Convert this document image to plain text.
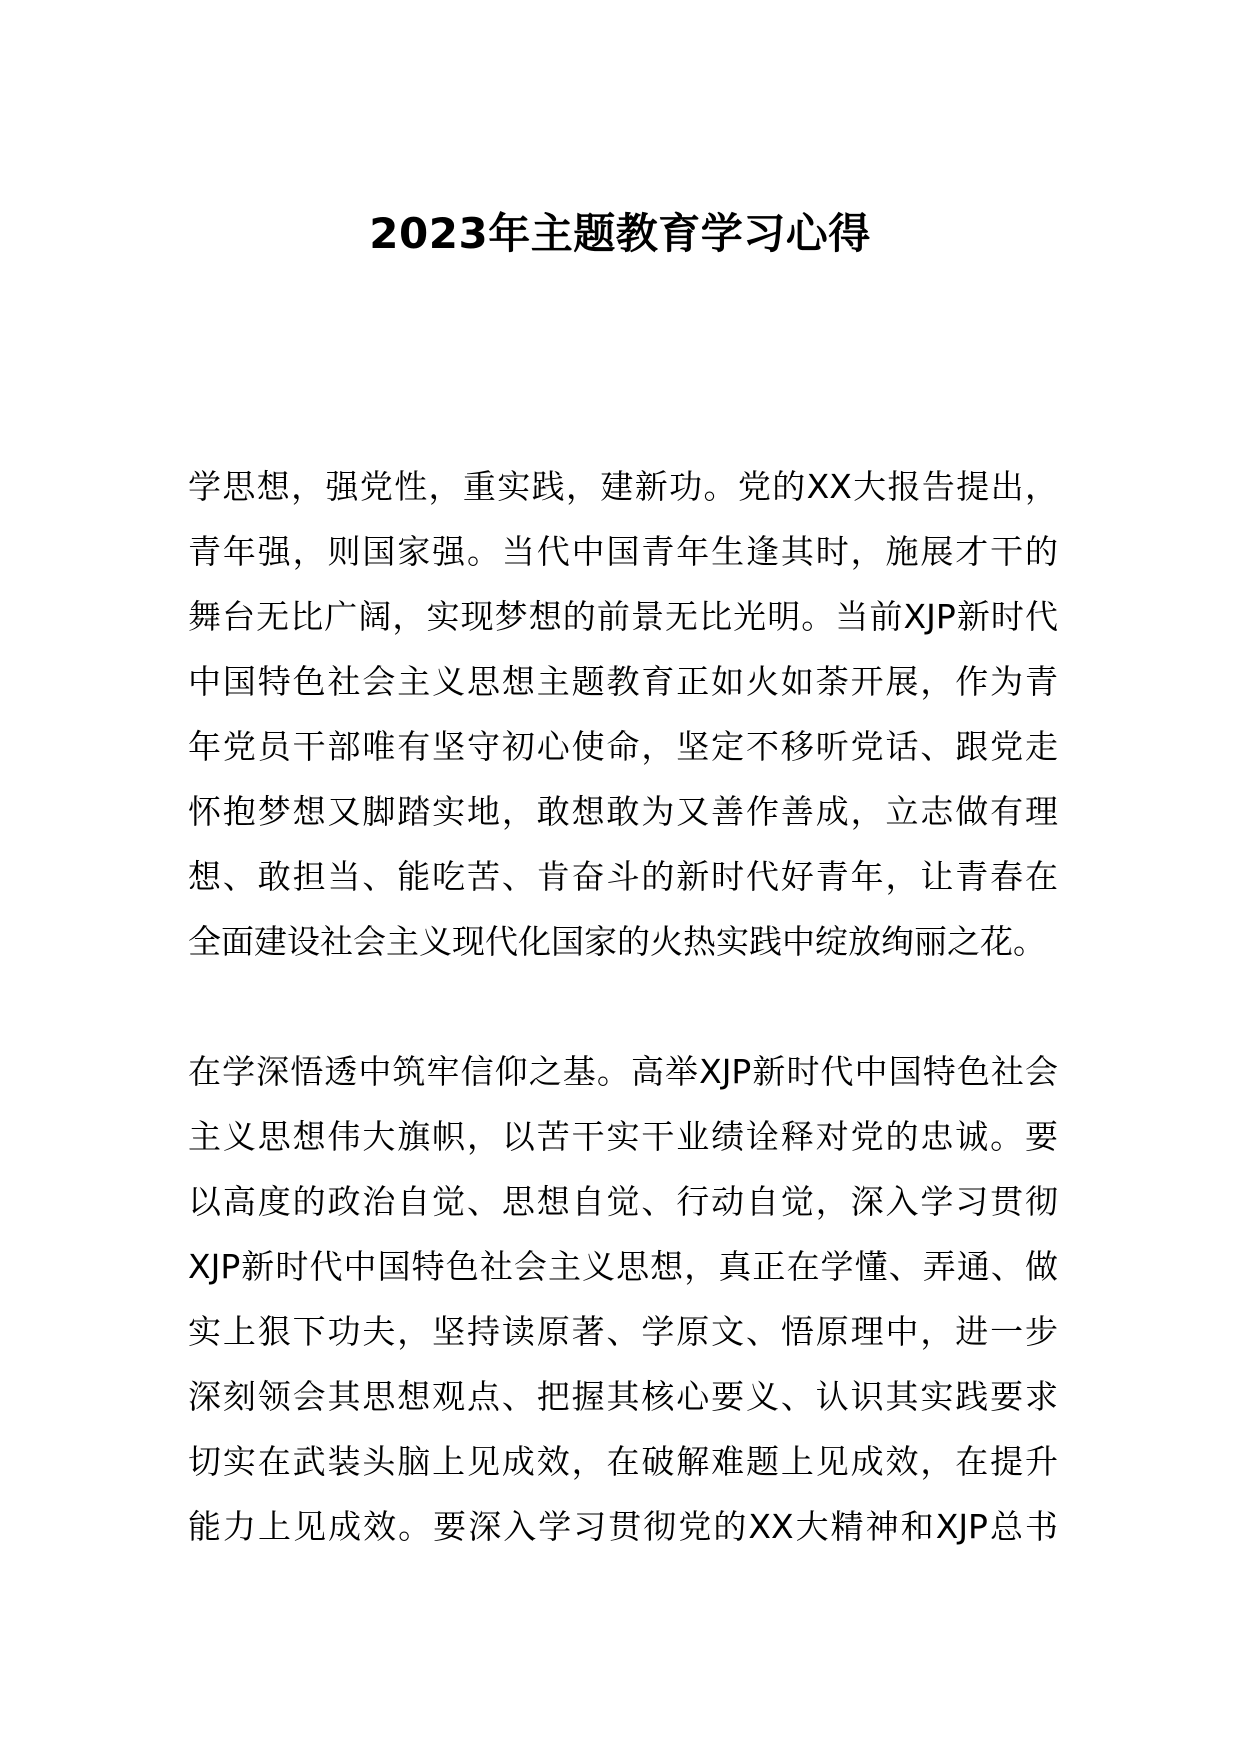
2023年主题教育学习心得
学思想，强党性，重实践，建新功。党的XX大报告提出，
青年强，则国家强。当代中国青年生逢其时，施展才干的
舞台无比广阔，实现梦想的前景无比光明。当前XJP新时代
中国特色社会主义思想主题教育正如火如荼开展，作为青
年党员干部唯有坚守初心使命，坚定不移听党话、跟党走
怀抱梦想又脚踏实地，敢想敢为又善作善成，立志做有理
想、敢担当、能吃苦、肯奋斗的新时代好青年，让青春在
全面建设社会主义现代化国家的火热实践中绽放绚丽之花。
在学深悟透中筑牢信仰之基。高举XJP新时代中国特色社会
主义思想伟大旗帜，以苦干实干业绩诠释对党的忠诚。要
以高度的政治自觉、思想自觉、行动自觉，深入学习贯彻
XJP新时代中国特色社会主义思想，真正在学懂、弄通、做
实上狠下功夫，坚持读原著、学原文、悟原理中，进一步
深刻领会其思想观点、把握其核心要义、认识其实践要求
切实在武装头脑上见成效，在破解难题上见成效，在提升
能力上见成效。要深入学习贯彻党的XX大精神和XJP总书
